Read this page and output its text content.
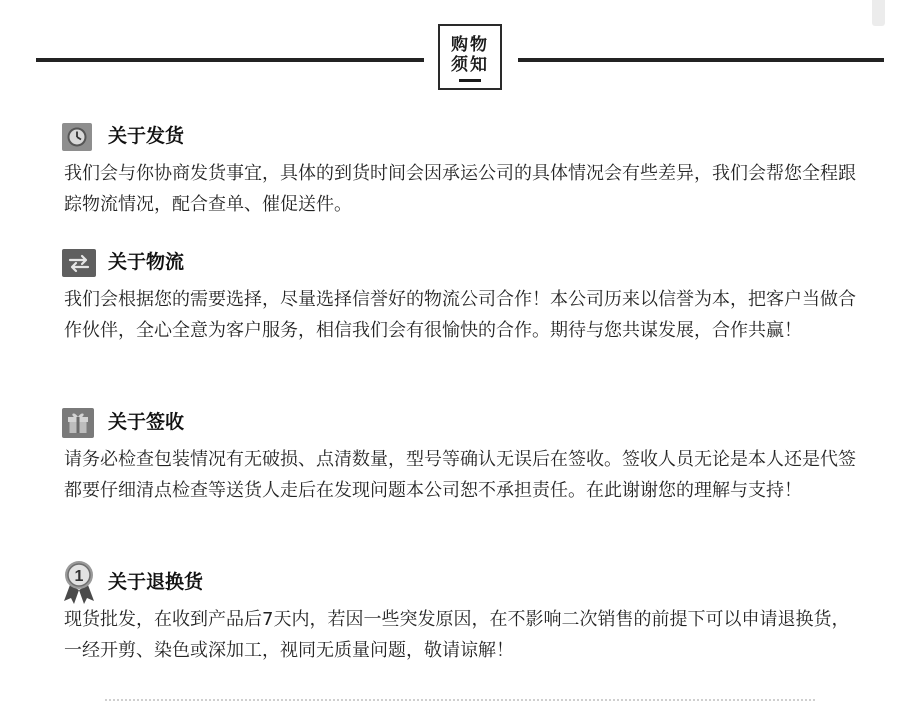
购物须知
关于发货
我们会与你协商发货事宜，具体的到货时间会因承运公司的具体情况会有些差异，我们会帮您全程跟踪物流情况，配合查单、催促送件。
关于物流
我们会根据您的需要选择，尽量选择信誉好的物流公司合作！本公司历来以信誉为本，把客户当做合作伙伴，全心全意为客户服务，相信我们会有很愉快的合作。期待与您共谋发展，合作共赢！
关于签收
请务必检查包装情况有无破损、点清数量，型号等确认无误后在签收。签收人员无论是本人还是代签都要仔细清点检查等送货人走后在发现问题本公司恕不承担责任。在此谢谢您的理解与支持！
1 关于退换货
现货批发，在收到产品后7天内，若因一些突发原因，在不影响二次销售的前提下可以申请退换货，一经开剪、染色或深加工，视同无质量问题，敬请谅解！
